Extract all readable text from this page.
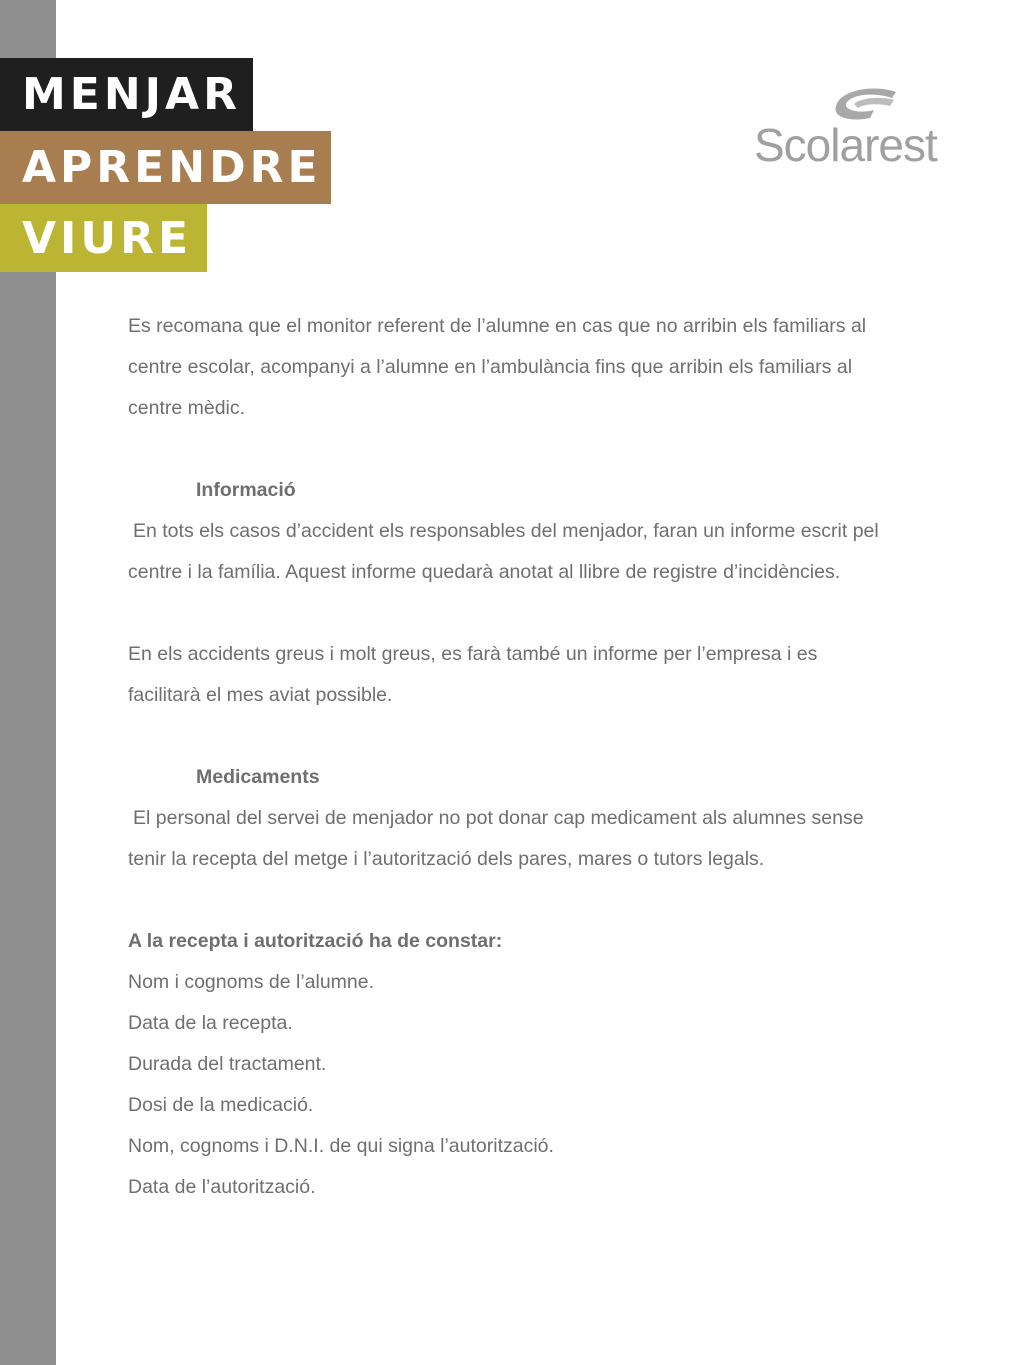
MENJAR
APRENDRE
VIURE
Scolarest
Es recomana que el monitor referent de l’alumne en cas que no arribin els familiars al
centre escolar, acompanyi a l’alumne en l’ambulància fins que arribin els familiars al
centre mèdic.
Informació
En tots els casos d’accident els responsables del menjador, faran un informe escrit pel
centre i la família. Aquest informe quedarà anotat al llibre de registre d’incidències.
En els accidents greus i molt greus, es farà també un informe per l’empresa i es
facilitarà el mes aviat possible.
Medicaments
El personal del servei de menjador no pot donar cap medicament als alumnes sense
tenir la recepta del metge i l’autorització dels pares, mares o tutors legals.
A la recepta i autorització ha de constar:
Nom i cognoms de l’alumne.
Data de la recepta.
Durada del tractament.
Dosi de la medicació.
Nom, cognoms i D.N.I. de qui signa l’autorització.
Data de l’autorització.
